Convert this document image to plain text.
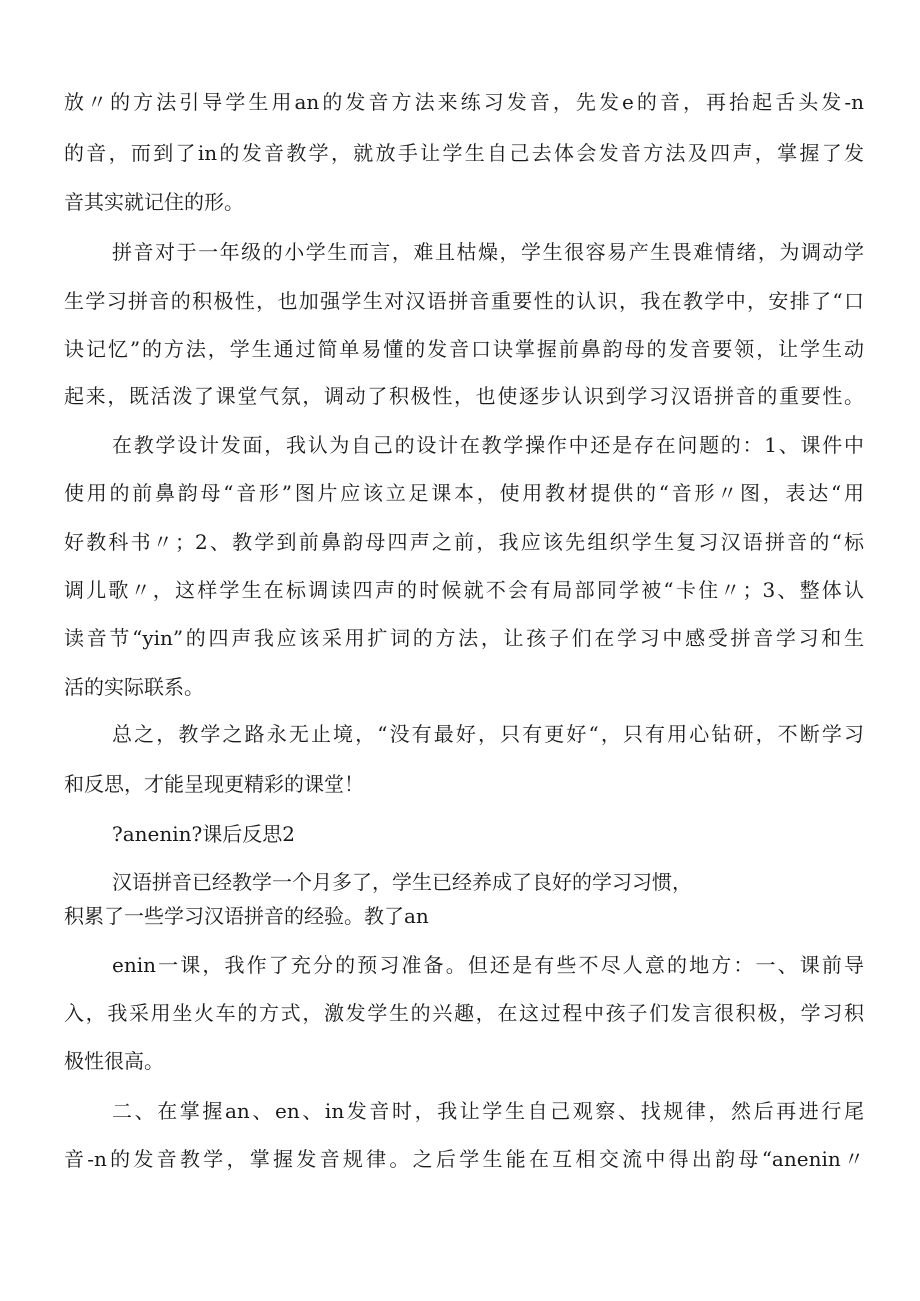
放〃的方法引导学生用an的发音方法来练习发音，先发e的音，再抬起舌头发-n
的音，而到了in的发音教学，就放手让学生自己去体会发音方法及四声，掌握了发
音其实就记住的形。
拼音对于一年级的小学生而言，难且枯燥，学生很容易产生畏难情绪，为调动学
生学习拼音的积极性，也加强学生对汉语拼音重要性的认识，我在教学中，安排了“口
诀记忆”的方法，学生通过简单易懂的发音口诀掌握前鼻韵母的发音要领，让学生动
起来，既活泼了课堂气氛，调动了积极性，也使逐步认识到学习汉语拼音的重要性。
在教学设计发面，我认为自己的设计在教学操作中还是存在问题的：1、课件中
使用的前鼻韵母“音形”图片应该立足课本，使用教材提供的“音形〃图，表达“用
好教科书〃；2、教学到前鼻韵母四声之前，我应该先组织学生复习汉语拼音的“标
调儿歌〃，这样学生在标调读四声的时候就不会有局部同学被“卡住〃；3、整体认
读音节“yin”的四声我应该采用扩词的方法，让孩子们在学习中感受拼音学习和生
活的实际联系。
总之，教学之路永无止境，“没有最好，只有更好“，只有用心钻研，不断学习
和反思，才能呈现更精彩的课堂！
?anenin?课后反思2
汉语拼音已经教学一个月多了，学生已经养成了良好的学习习惯，
积累了一些学习汉语拼音的经验。教了an
enin一课，我作了充分的预习准备。但还是有些不尽人意的地方：一、课前导
入，我采用坐火车的方式，激发学生的兴趣，在这过程中孩子们发言很积极，学习积
极性很高。
二、在掌握an、en、in发音时，我让学生自己观察、找规律，然后再进行尾
音-n的发音教学，掌握发音规律。之后学生能在互相交流中得出韵母“anenin〃
